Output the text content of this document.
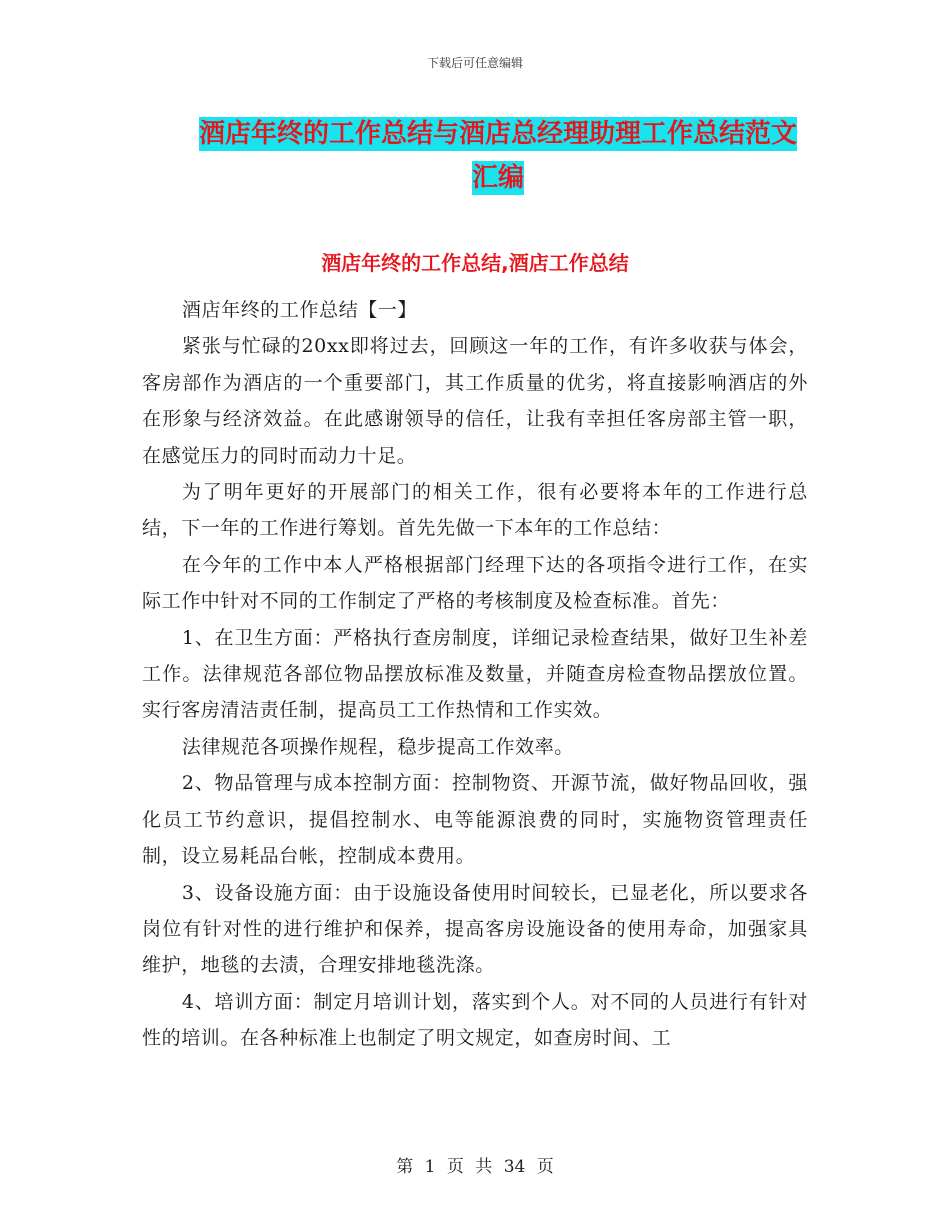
下载后可任意编辑
酒店年终的工作总结与酒店总经理助理工作总结范文汇编
酒店年终的工作总结,酒店工作总结

酒店年终的工作总结【一】

紧张与忙碌的20xx即将过去，回顾这一年的工作，有许多收获与体会，客房部作为酒店的一个重要部门，其工作质量的优劣，将直接影响酒店的外在形象与经济效益。在此感谢领导的信任，让我有幸担任客房部主管一职，在感觉压力的同时而动力十足。

为了明年更好的开展部门的相关工作，很有必要将本年的工作进行总结，下一年的工作进行筹划。首先先做一下本年的工作总结：

在今年的工作中本人严格根据部门经理下达的各项指令进行工作，在实际工作中针对不同的工作制定了严格的考核制度及检查标准。首先：

1、在卫生方面：严格执行查房制度，详细记录检查结果，做好卫生补差工作。法律规范各部位物品摆放标准及数量，并随查房检查物品摆放位置。实行客房清洁责任制，提高员工工作热情和工作实效。

法律规范各项操作规程，稳步提高工作效率。

2、物品管理与成本控制方面：控制物资、开源节流，做好物品回收，强化员工节约意识，提倡控制水、电等能源浪费的同时，实施物资管理责任制，设立易耗品台帐，控制成本费用。

3、设备设施方面：由于设施设备使用时间较长，已显老化，所以要求各岗位有针对性的进行维护和保养，提高客房设施设备的使用寿命，加强家具维护，地毯的去渍，合理安排地毯洗涤。

4、培训方面：制定月培训计划，落实到个人。对不同的人员进行有针对性的培训。在各种标准上也制定了明文规定，如查房时间、工

第 1 页 共 34 页
